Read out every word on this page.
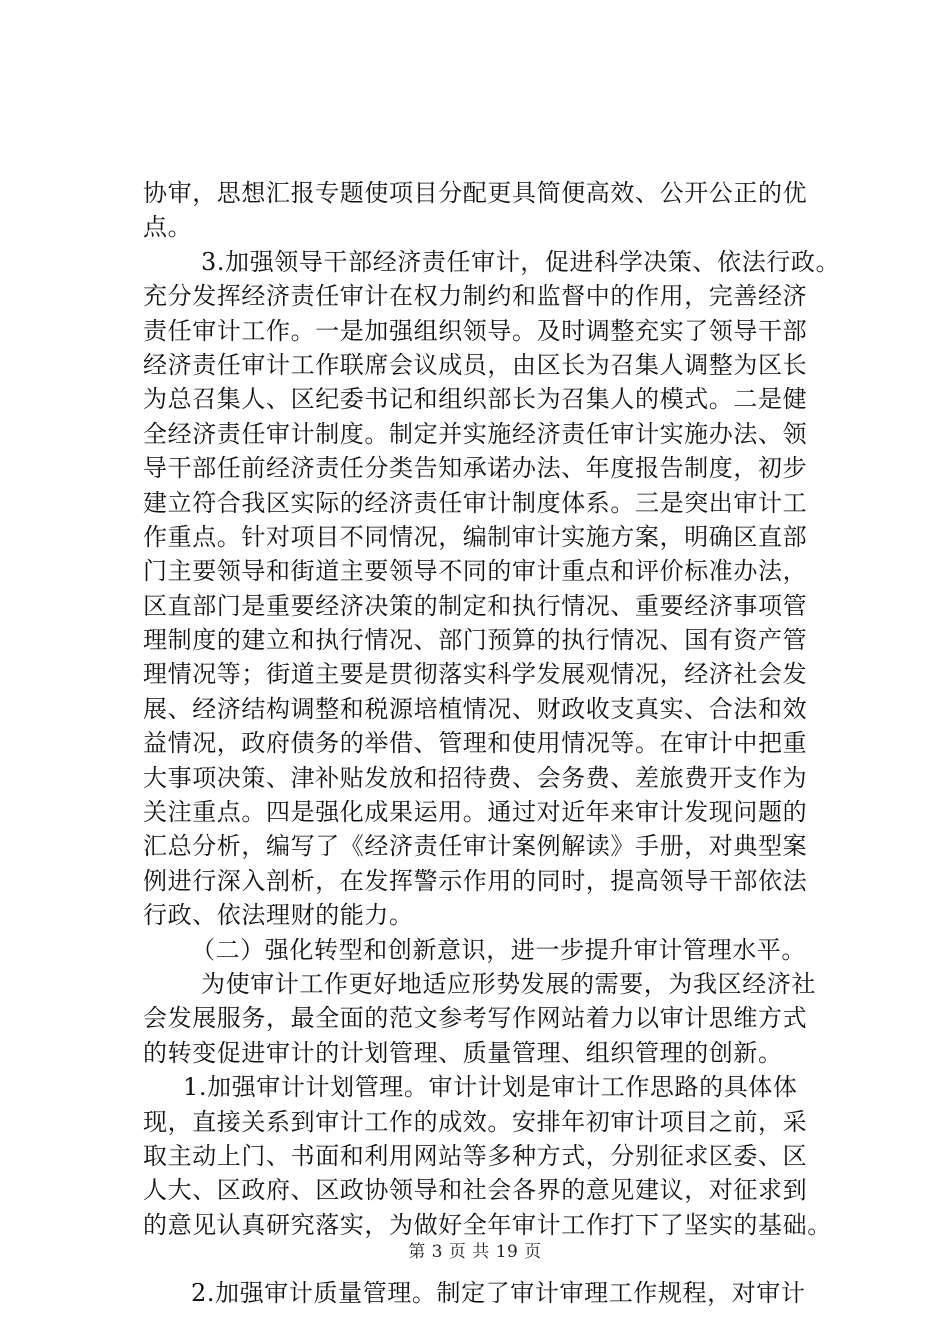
协审，思想汇报专题使项目分配更具简便高效、公开公正的优
点。
3.加强领导干部经济责任审计，促进科学决策、依法行政。
充分发挥经济责任审计在权力制约和监督中的作用，完善经济
责任审计工作。一是加强组织领导。及时调整充实了领导干部
经济责任审计工作联席会议成员，由区长为召集人调整为区长
为总召集人、区纪委书记和组织部长为召集人的模式。二是健
全经济责任审计制度。制定并实施经济责任审计实施办法、领
导干部任前经济责任分类告知承诺办法、年度报告制度，初步
建立符合我区实际的经济责任审计制度体系。三是突出审计工
作重点。针对项目不同情况，编制审计实施方案，明确区直部
门主要领导和街道主要领导不同的审计重点和评价标准办法，
区直部门是重要经济决策的制定和执行情况、重要经济事项管
理制度的建立和执行情况、部门预算的执行情况、国有资产管
理情况等；街道主要是贯彻落实科学发展观情况，经济社会发
展、经济结构调整和税源培植情况、财政收支真实、合法和效
益情况，政府债务的举借、管理和使用情况等。在审计中把重
大事项决策、津补贴发放和招待费、会务费、差旅费开支作为
关注重点。四是强化成果运用。通过对近年来审计发现问题的
汇总分析，编写了《经济责任审计案例解读》手册，对典型案
例进行深入剖析，在发挥警示作用的同时，提高领导干部依法
行政、依法理财的能力。
（二）强化转型和创新意识，进一步提升审计管理水平。
为使审计工作更好地适应形势发展的需要，为我区经济社
会发展服务，最全面的范文参考写作网站着力以审计思维方式
的转变促进审计的计划管理、质量管理、组织管理的创新。
1.加强审计计划管理。审计计划是审计工作思路的具体体
现，直接关系到审计工作的成效。安排年初审计项目之前，采
取主动上门、书面和利用网站等多种方式，分别征求区委、区
人大、区政府、区政协领导和社会各界的意见建议，对征求到
的意见认真研究落实，为做好全年审计工作打下了坚实的基础。
2.加强审计质量管理。制定了审计审理工作规程，对审计
第 3 页 共 19 页
